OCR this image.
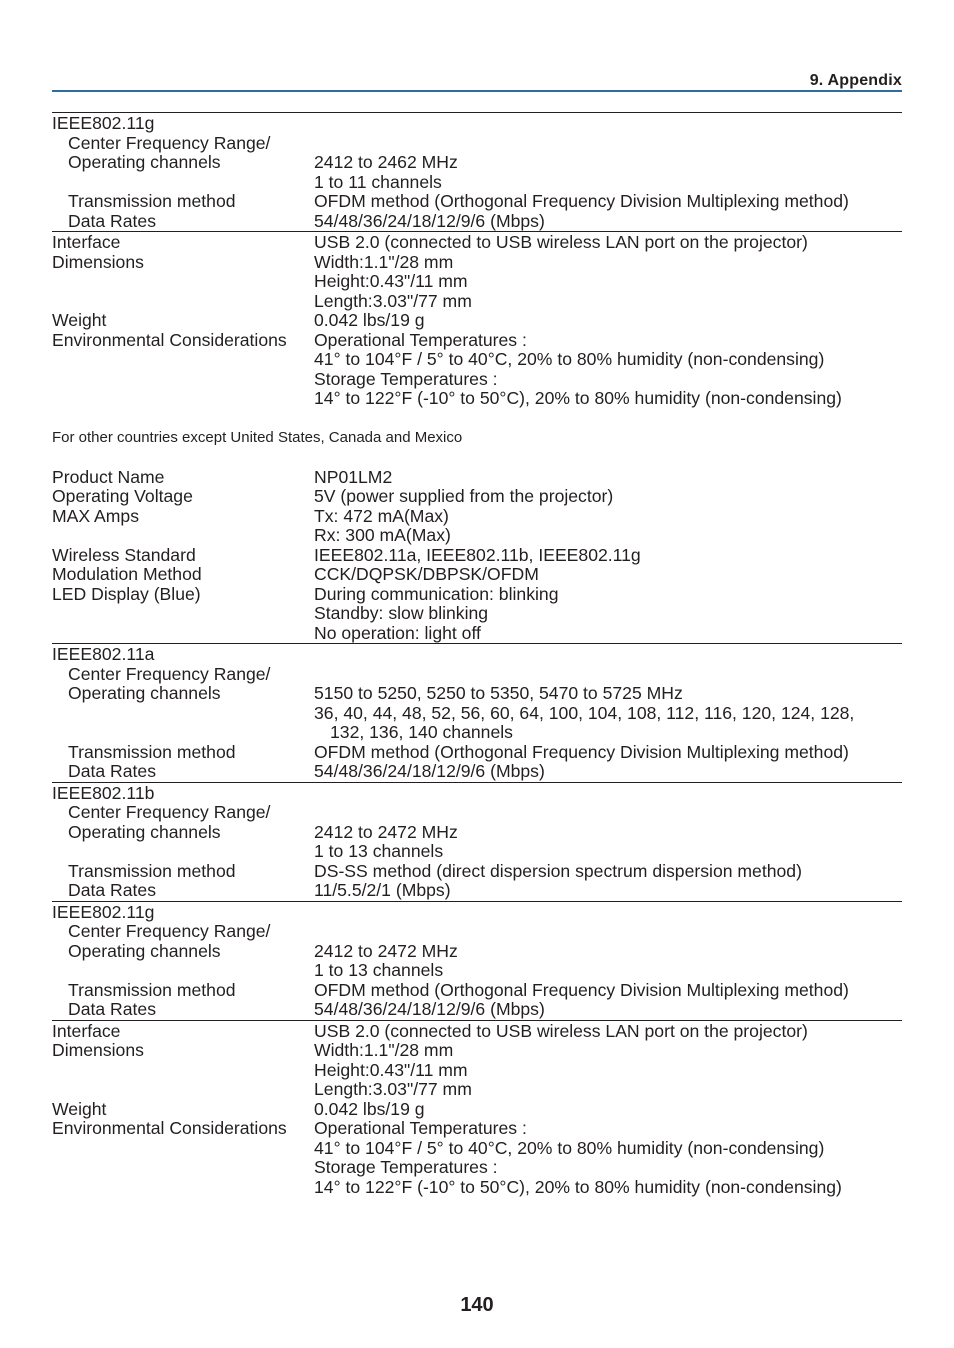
9. Appendix
IEEE802.11g

Center Frequency Range/

Operating channels	2412 to 2462 MHz

1 to 11 channels
Transmission method	OFDM method (Orthogonal Frequency Division Multiplexing method)
Data Rates	54/48/36/24/18/12/9/6 (Mbps)
Interface	USB 2.0 (connected to USB wireless LAN port on the projector)
Dimensions	Width:1.1"/28 mm

Height:0.43"/11 mm

Length:3.03"/77 mm
Weight	0.042 lbs/19 g
Environmental Considerations	Operational Temperatures :

41° to 104°F / 5° to 40°C, 20% to 80% humidity (non-condensing)

Storage Temperatures :

14° to 122°F (-10° to 50°C), 20% to 80% humidity (non-condensing)
For other countries except United States, Canada and Mexico
Product Name	NP01LM2
Operating Voltage	5V (power supplied from the projector)
MAX Amps	Tx: 472 mA(Max)

Rx: 300 mA(Max)
Wireless Standard	IEEE802.11a, IEEE802.11b, IEEE802.11g
Modulation Method	CCK/DQPSK/DBPSK/OFDM
LED Display (Blue)	During communication: blinking

Standby: slow blinking

No operation: light off
IEEE802.11a

Center Frequency Range/

Operating channels	5150 to 5250, 5250 to 5350, 5470 to 5725 MHz

36, 40, 44, 48, 52, 56, 60, 64, 100, 104, 108, 112, 116, 120, 124, 128,

132, 136, 140 channels
Transmission method	OFDM method (Orthogonal Frequency Division Multiplexing method)
Data Rates	54/48/36/24/18/12/9/6 (Mbps)
IEEE802.11b

Center Frequency Range/

Operating channels	2412 to 2472 MHz

1 to 13 channels
Transmission method	DS-SS method (direct dispersion spectrum dispersion method)
Data Rates	11/5.5/2/1 (Mbps)
IEEE802.11g

Center Frequency Range/

Operating channels	2412 to 2472 MHz

1 to 13 channels
Transmission method	OFDM method (Orthogonal Frequency Division Multiplexing method)
Data Rates	54/48/36/24/18/12/9/6 (Mbps)
Interface	USB 2.0 (connected to USB wireless LAN port on the projector)
Dimensions	Width:1.1"/28 mm

Height:0.43"/11 mm

Length:3.03"/77 mm
Weight	0.042 lbs/19 g
Environmental Considerations	Operational Temperatures :

41° to 104°F / 5° to 40°C, 20% to 80% humidity (non-condensing)

Storage Temperatures :

14° to 122°F (-10° to 50°C), 20% to 80% humidity (non-condensing)
140
